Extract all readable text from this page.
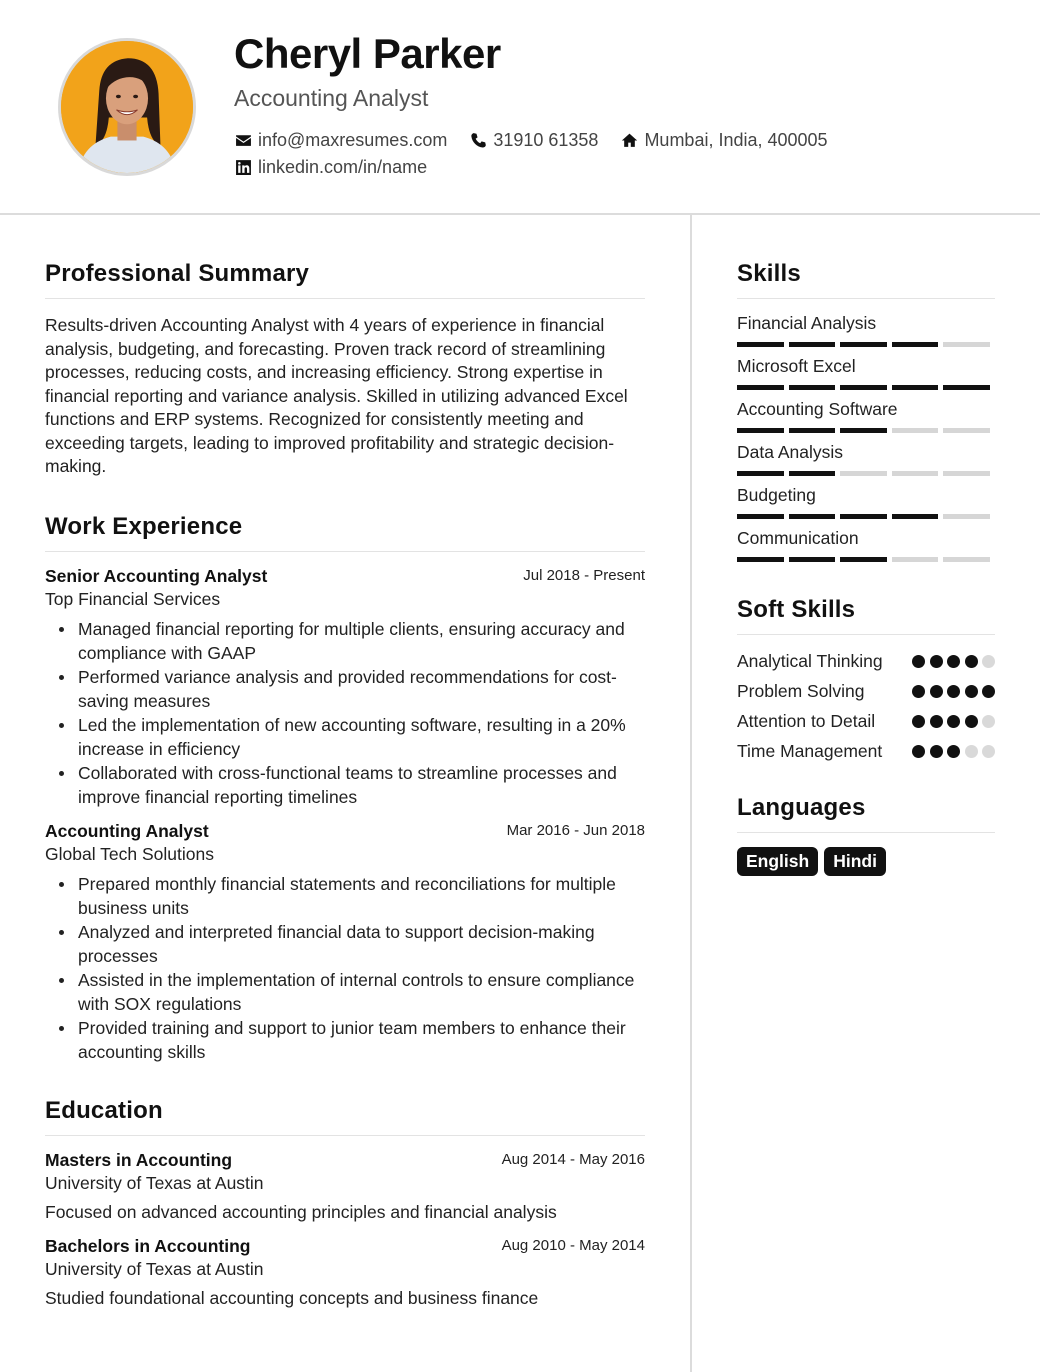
Cheryl Parker
Accounting Analyst
info@maxresumes.com	31910 61358	Mumbai, India, 400005
linkedin.com/in/name
Professional Summary

Results-driven Accounting Analyst with 4 years of experience in financial analysis, budgeting, and forecasting. Proven track record of streamlining processes, reducing costs, and increasing efficiency. Strong expertise in financial reporting and variance analysis. Skilled in utilizing advanced Excel functions and ERP systems. Recognized for consistently meeting and exceeding targets, leading to improved profitability and strategic decision-making.

Work Experience
Senior Accounting Analyst	Jul 2018 - Present
Top Financial Services
Managed financial reporting for multiple clients, ensuring accuracy and compliance with GAAP
Performed variance analysis and provided recommendations for cost-saving measures
Led the implementation of new accounting software, resulting in a 20% increase in efficiency
Collaborated with cross-functional teams to streamline processes and improve financial reporting timelines
Accounting Analyst	Mar 2016 - Jun 2018
Global Tech Solutions
Prepared monthly financial statements and reconciliations for multiple business units
Analyzed and interpreted financial data to support decision-making processes
Assisted in the implementation of internal controls to ensure compliance with SOX regulations
Provided training and support to junior team members to enhance their accounting skills
Education
Masters in Accounting	Aug 2014 - May 2016
University of Texas at Austin
Focused on advanced accounting principles and financial analysis
Bachelors in Accounting	Aug 2010 - May 2014
University of Texas at Austin
Studied foundational accounting concepts and business finance
Skills
Financial Analysis
Microsoft Excel
Accounting Software
Data Analysis
Budgeting
Communication
Soft Skills
Analytical Thinking
Problem Solving
Attention to Detail
Time Management
Languages
English	Hindi
